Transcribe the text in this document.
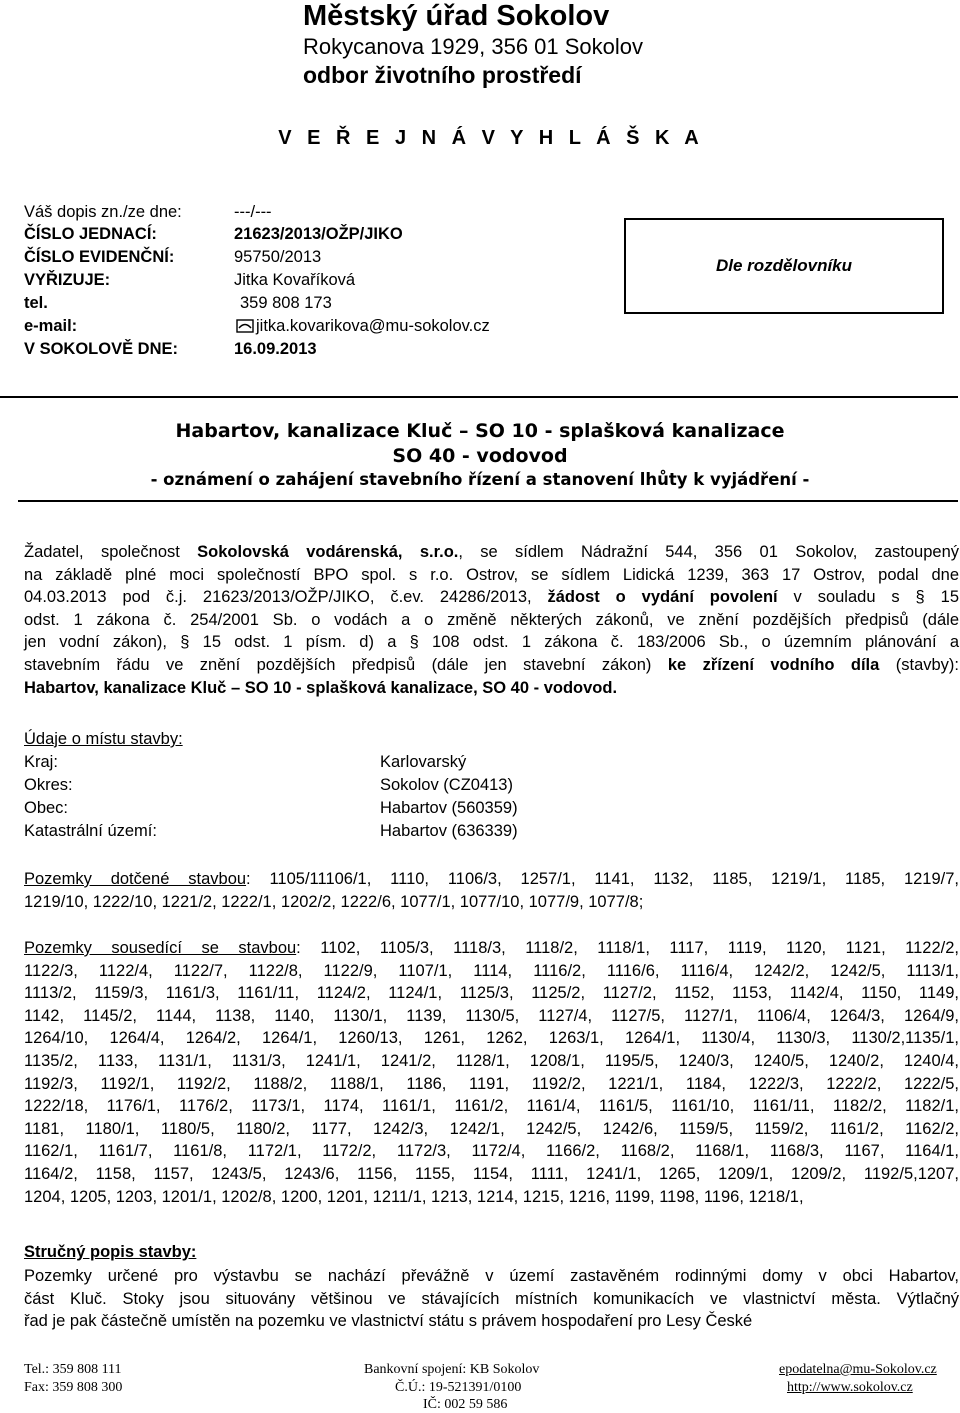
Městský úřad Sokolov
Rokycanova 1929, 356 01 Sokolov
odbor životního prostředí
V E Ř E J N Á V Y H L Á Š K A
Váš dopis zn./ze dne:	---/---
ČÍSLO JEDNACÍ:	21623/2013/OŽP/JIKO
ČÍSLO EVIDENČNÍ:	95750/2013
VYŘIZUJE:	Jitka Kovaříková
tel.	359 808 173
e-mail:	jitka.kovarikova@mu-sokolov.cz
V SOKOLOVĚ DNE:	16.09.2013
Dle rozdělovníku
Habartov, kanalizace Kluč – SO 10 - splašková kanalizace
SO 40 - vodovod
- oznámení o zahájení stavebního řízení a stanovení lhůty k vyjádření -
Žadatel, společnost Sokolovská vodárenská, s.r.o., se sídlem Nádražní 544, 356 01 Sokolov, zastoupený
na základě plné moci společností BPO spol. s r.o. Ostrov, se sídlem Lidická 1239, 363 17 Ostrov, podal dne
04.03.2013 pod č.j. 21623/2013/OŽP/JIKO, č.ev. 24286/2013, žádost o vydání povolení v souladu s § 15
odst. 1 zákona č. 254/2001 Sb. o vodách a o změně některých zákonů, ve znění pozdějších předpisů (dále
jen vodní zákon), § 15 odst. 1 písm. d) a § 108 odst. 1 zákona č. 183/2006 Sb., o územním plánování a
stavebním řádu ve znění pozdějších předpisů (dále jen stavební zákon) ke zřízení vodního díla (stavby):
Habartov, kanalizace Kluč – SO 10 - splašková kanalizace, SO 40 - vodovod.
Údaje o místu stavby:
Kraj:	Karlovarský
Okres:	Sokolov (CZ0413)
Obec:	Habartov (560359)
Katastrální území:	Habartov (636339)
Pozemky dotčené stavbou: 1105/11106/1, 1110, 1106/3, 1257/1, 1141, 1132, 1185, 1219/1, 1185, 1219/7,
1219/10, 1222/10, 1221/2, 1222/1, 1202/2, 1222/6, 1077/1, 1077/10, 1077/9, 1077/8;
Pozemky sousedící se stavbou: 1102, 1105/3, 1118/3, 1118/2, 1118/1, 1117, 1119, 1120, 1121, 1122/2,
1122/3, 1122/4, 1122/7, 1122/8, 1122/9, 1107/1, 1114, 1116/2, 1116/6, 1116/4, 1242/2, 1242/5, 1113/1,
1113/2, 1159/3, 1161/3, 1161/11, 1124/2, 1124/1, 1125/3, 1125/2, 1127/2, 1152, 1153, 1142/4, 1150, 1149,
1142, 1145/2, 1144, 1138, 1140, 1130/1, 1139, 1130/5, 1127/4, 1127/5, 1127/1, 1106/4, 1264/3, 1264/9,
1264/10, 1264/4, 1264/2, 1264/1, 1260/13, 1261, 1262, 1263/1, 1264/1, 1130/4, 1130/3, 1130/2,1135/1,
1135/2, 1133, 1131/1, 1131/3, 1241/1, 1241/2, 1128/1, 1208/1, 1195/5, 1240/3, 1240/5, 1240/2, 1240/4,
1192/3, 1192/1, 1192/2, 1188/2, 1188/1, 1186, 1191, 1192/2, 1221/1, 1184, 1222/3, 1222/2, 1222/5,
1222/18, 1176/1, 1176/2, 1173/1, 1174, 1161/1, 1161/2, 1161/4, 1161/5, 1161/10, 1161/11, 1182/2, 1182/1,
1181, 1180/1, 1180/5, 1180/2, 1177, 1242/3, 1242/1, 1242/5, 1242/6, 1159/5, 1159/2, 1161/2, 1162/2,
1162/1, 1161/7, 1161/8, 1172/1, 1172/2, 1172/3, 1172/4, 1166/2, 1168/2, 1168/1, 1168/3, 1167, 1164/1,
1164/2, 1158, 1157, 1243/5, 1243/6, 1156, 1155, 1154, 1111, 1241/1, 1265, 1209/1, 1209/2, 1192/5,1207,
1204, 1205, 1203, 1201/1, 1202/8, 1200, 1201, 1211/1, 1213, 1214, 1215, 1216, 1199, 1198, 1196, 1218/1,
Stručný popis stavby:
Pozemky určené pro výstavbu se nachází převážně v území zastavěném rodinnými domy v obci Habartov,
část Kluč. Stoky jsou situovány většinou ve stávajících místních komunikacích ve vlastnictví města. Výtlačný
řad je pak částečně umístěn na pozemku ve vlastnictví státu s právem hospodaření pro Lesy České
Tel.: 359 808 111
Fax: 359 808 300
Bankovní spojení: KB Sokolov
Č.Ú.: 19-521391/0100
IČ: 002 59 586
epodatelna@mu-Sokolov.cz
http://www.sokolov.cz
